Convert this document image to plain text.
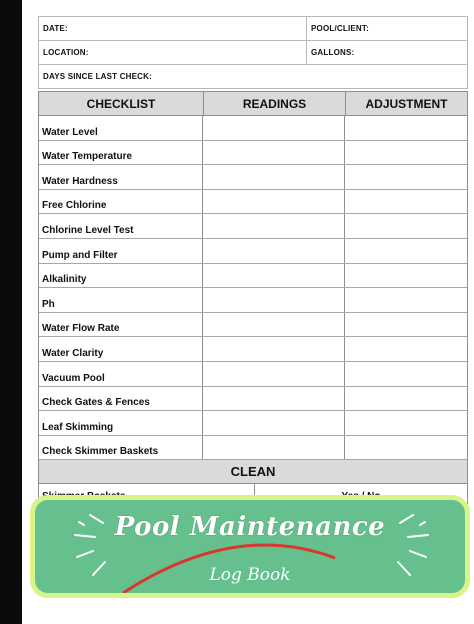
DATE:	POOL/CLIENT:
LOCATION:	GALLONS:
DAYS SINCE LAST CHECK:
CHECKLIST	READINGS	ADJUSTMENT
Water Level
Water Temperature
Water Hardness
Free Chlorine
Chlorine Level Test
Pump and Filter
Alkalinity
Ph
Water Flow Rate
Water Clarity
Vacuum Pool
Check Gates & Fences
Leaf Skimming
Check Skimmer Baskets
CLEAN
Pool Maintenance
Log Book
